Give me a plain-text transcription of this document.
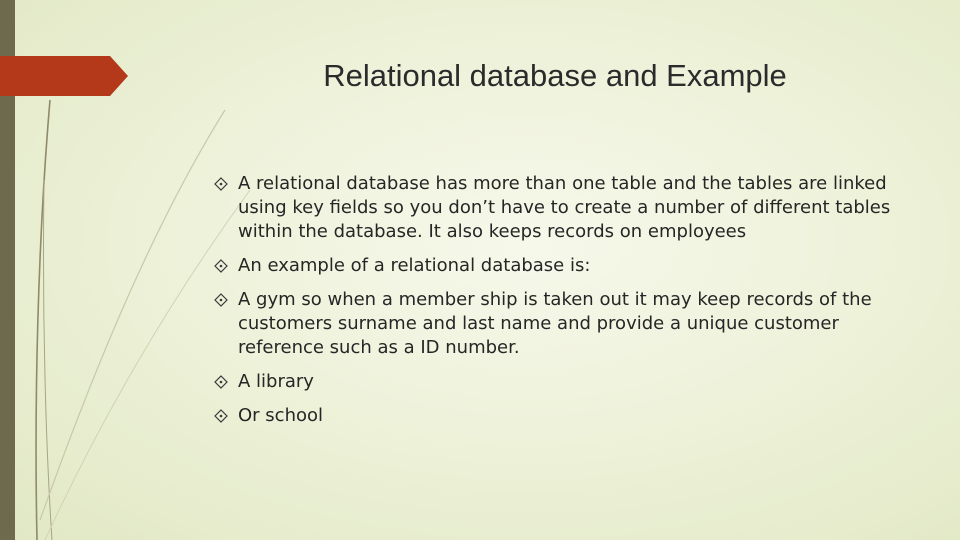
Relational database and Example
A relational database has more than one table and the tables are linked using key fields so you don’t have to create a number of different tables within the database. It also keeps records on employees
An example of a relational database is:
A gym so when a member ship is taken out it may keep records of the customers surname and last name and provide a unique customer reference such as a ID number.
A library
Or school
